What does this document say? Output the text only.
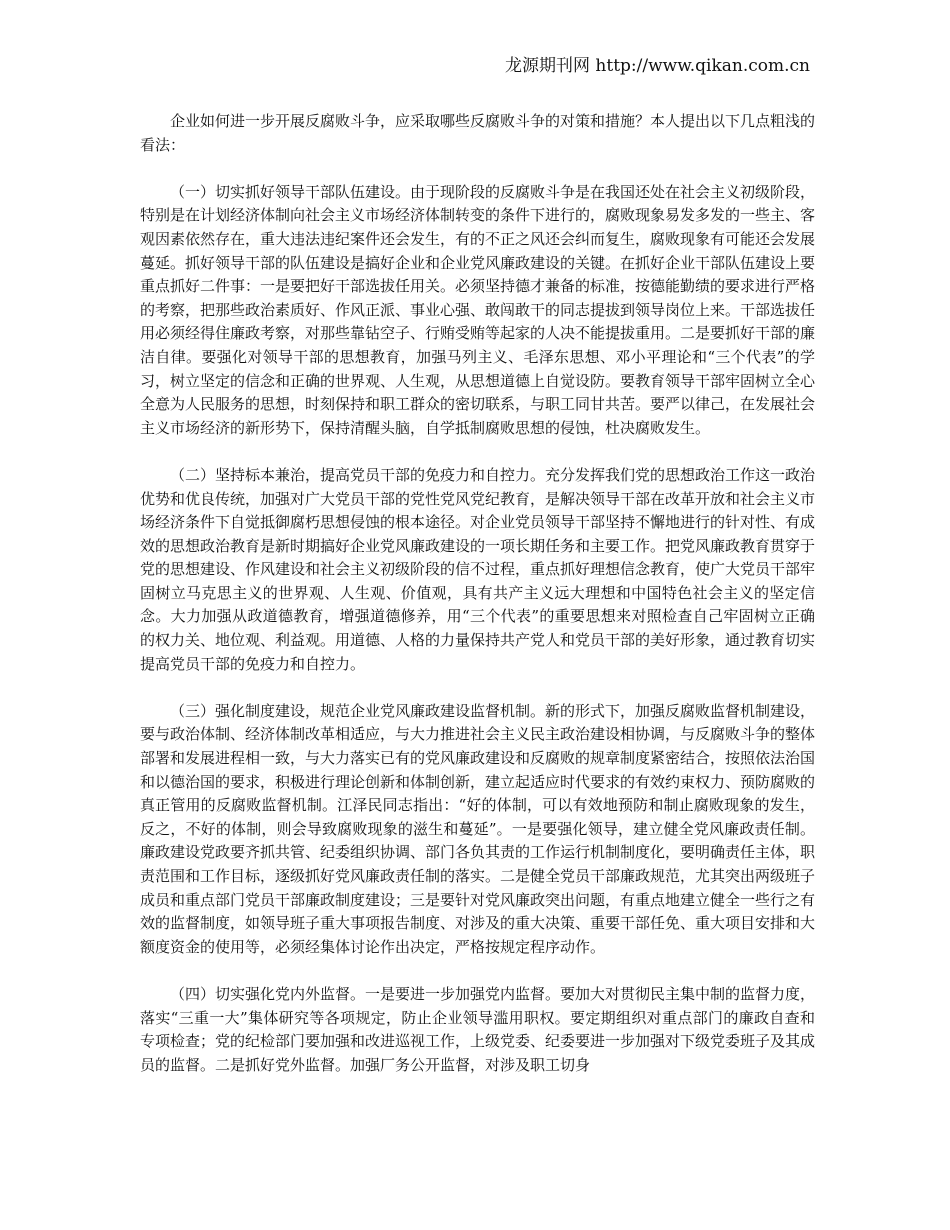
龙源期刊网 http://www.qikan.com.cn

企业如何进一步开展反腐败斗争，应采取哪些反腐败斗争的对策和措施？本人提出以下几点粗浅的看法：

（一）切实抓好领导干部队伍建设。由于现阶段的反腐败斗争是在我国还处在社会主义初级阶段，特别是在计划经济体制向社会主义市场经济体制转变的条件下进行的，腐败现象易发多发的一些主、客观因素依然存在，重大违法违纪案件还会发生，有的不正之风还会纠而复生，腐败现象有可能还会发展蔓延。抓好领导干部的队伍建设是搞好企业和企业党风廉政建设的关键。在抓好企业干部队伍建设上要重点抓好二件事：一是要把好干部选拔任用关。必须坚持德才兼备的标准，按德能勤绩的要求进行严格的考察，把那些政治素质好、作风正派、事业心强、敢闯敢干的同志提拔到领导岗位上来。干部选拔任用必须经得住廉政考察，对那些靠钻空子、行贿受贿等起家的人决不能提拔重用。二是要抓好干部的廉洁自律。要强化对领导干部的思想教育，加强马列主义、毛泽东思想、邓小平理论和“三个代表”的学习，树立坚定的信念和正确的世界观、人生观，从思想道德上自觉设防。要教育领导干部牢固树立全心全意为人民服务的思想，时刻保持和职工群众的密切联系，与职工同甘共苦。要严以律己，在发展社会主义市场经济的新形势下，保持清醒头脑，自学抵制腐败思想的侵蚀，杜决腐败发生。

（二）坚持标本兼治，提高党员干部的免疫力和自控力。充分发挥我们党的思想政治工作这一政治优势和优良传统，加强对广大党员干部的党性党风党纪教育，是解决领导干部在改革开放和社会主义市场经济条件下自觉抵御腐朽思想侵蚀的根本途径。对企业党员领导干部坚持不懈地进行的针对性、有成效的思想政治教育是新时期搞好企业党风廉政建设的一项长期任务和主要工作。把党风廉政教育贯穿于党的思想建设、作风建设和社会主义初级阶段的信不过程，重点抓好理想信念教育，使广大党员干部牢固树立马克思主义的世界观、人生观、价值观，具有共产主义远大理想和中国特色社会主义的坚定信念。大力加强从政道德教育，增强道德修养，用“三个代表”的重要思想来对照检查自己牢固树立正确的权力关、地位观、利益观。用道德、人格的力量保持共产党人和党员干部的美好形象，通过教育切实提高党员干部的免疫力和自控力。

（三）强化制度建设，规范企业党风廉政建设监督机制。新的形式下，加强反腐败监督机制建设，要与政治体制、经济体制改革相适应，与大力推进社会主义民主政治建设相协调，与反腐败斗争的整体部署和发展进程相一致，与大力落实已有的党风廉政建设和反腐败的规章制度紧密结合，按照依法治国和以德治国的要求，积极进行理论创新和体制创新，建立起适应时代要求的有效约束权力、预防腐败的真正管用的反腐败监督机制。江泽民同志指出：“好的体制，可以有效地预防和制止腐败现象的发生，反之，不好的体制，则会导致腐败现象的滋生和蔓延”。一是要强化领导，建立健全党风廉政责任制。廉政建设党政要齐抓共管、纪委组织协调、部门各负其责的工作运行机制制度化，要明确责任主体，职责范围和工作目标，逐级抓好党风廉政责任制的落实。二是健全党员干部廉政规范，尤其突出两级班子成员和重点部门党员干部廉政制度建设；三是要针对党风廉政突出问题，有重点地建立健全一些行之有效的监督制度，如领导班子重大事项报告制度、对涉及的重大决策、重要干部任免、重大项目安排和大额度资金的使用等，必须经集体讨论作出决定，严格按规定程序动作。

（四）切实强化党内外监督。一是要进一步加强党内监督。要加大对贯彻民主集中制的监督力度，落实“三重一大”集体研究等各项规定，防止企业领导滥用职权。要定期组织对重点部门的廉政自查和专项检查；党的纪检部门要加强和改进巡视工作，上级党委、纪委要进一步加强对下级党委班子及其成员的监督。二是抓好党外监督。加强厂务公开监督，对涉及职工切身
